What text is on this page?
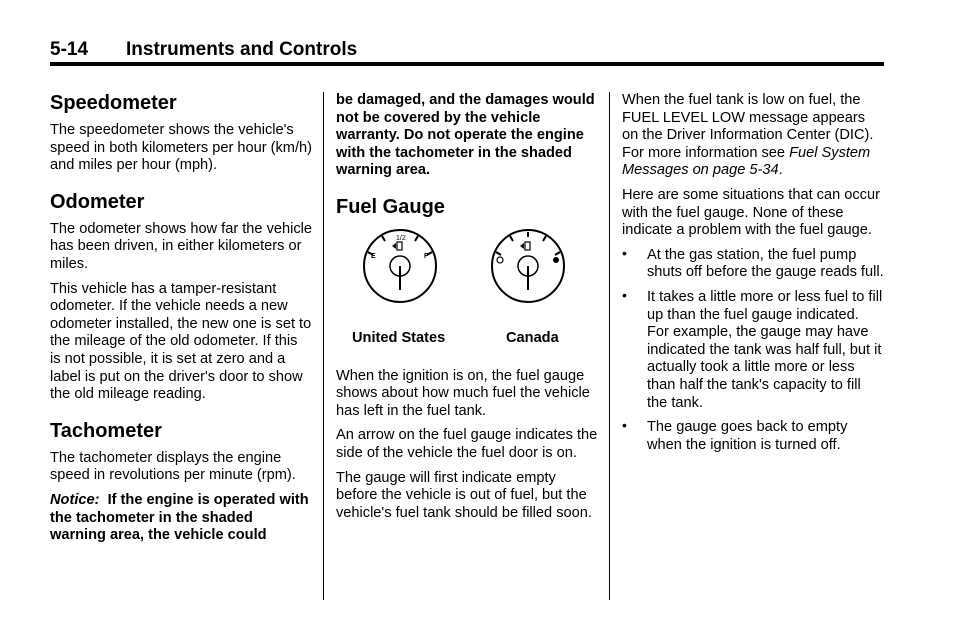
5-14 Instruments and Controls
Speedometer

The speedometer shows the vehicle's speed in both kilometers per hour (km/h) and miles per hour (mph).

Odometer

The odometer shows how far the vehicle has been driven, in either kilometers or miles.

This vehicle has a tamper-resistant odometer. If the vehicle needs a new odometer installed, the new one is set to the mileage of the old odometer. If this is not possible, it is set at zero and a label is put on the driver's door to show the old mileage reading.

Tachometer

The tachometer displays the engine speed in revolutions per minute (rpm).

Notice:  If the engine is operated with the tachometer in the shaded warning area, the vehicle could

be damaged, and the damages would not be covered by the vehicle warranty. Do not operate the engine with the tachometer in the shaded warning area.

Fuel Gauge
1/2
E	F
United States	Canada

When the ignition is on, the fuel gauge shows about how much fuel the vehicle has left in the fuel tank.

An arrow on the fuel gauge indicates the side of the vehicle the fuel door is on.

The gauge will first indicate empty before the vehicle is out of fuel, but the vehicle's fuel tank should be filled soon.

When the fuel tank is low on fuel, the FUEL LEVEL LOW message appears on the Driver Information Center (DIC). For more information see Fuel System Messages on page 5-34.

Here are some situations that can occur with the fuel gauge. None of these indicate a problem with the fuel gauge.

• At the gas station, the fuel pump shuts off before the gauge reads full.
• It takes a little more or less fuel to fill up than the fuel gauge indicated. For example, the gauge may have indicated the tank was half full, but it actually took a little more or less than half the tank's capacity to fill the tank.
• The gauge goes back to empty when the ignition is turned off.
